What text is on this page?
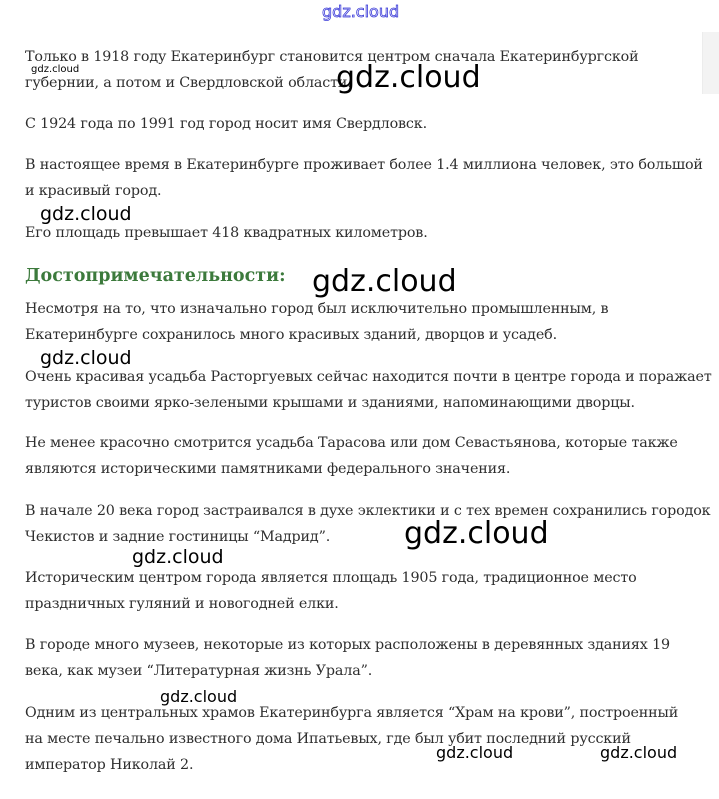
gdz.cloud

Только в 1918 году Екатеринбург становится центром сначала Екатеринбургской

губернии, а потом и Свердловской области.

С 1924 года по 1991 год город носит имя Свердловск.

В настоящее время в Екатеринбурге проживает более 1.4 миллиона человек, это большой

и красивый город.

Его площадь превышает 418 квадратных километров.

Достопримечательности:

Несмотря на то, что изначально город был исключительно промышленным, в

Екатеринбурге сохранилось много красивых зданий, дворцов и усадеб.

Очень красивая усадьба Расторгуевых сейчас находится почти в центре города и поражает

туристов своими ярко-зелеными крышами и зданиями, напоминающими дворцы.

Не менее красочно смотрится усадьба Тарасова или дом Севастьянова, которые также

являются историческими памятниками федерального значения.

В начале 20 века город застраивался в духе эклектики и с тех времен сохранились городок

Чекистов и задние гостиницы “Мадрид”.

Историческим центром города является площадь 1905 года, традиционное место

праздничных гуляний и новогодней елки.

В городе много музеев, некоторые из которых расположены в деревянных зданиях 19

века, как музеи “Литературная жизнь Урала”.

Одним из центральных храмов Екатеринбурга является “Храм на крови”, построенный

на месте печально известного дома Ипатьевых, где был убит последний русский

император Николай 2.

gdz.cloud	gdz.cloud
gdz.cloud
gdz.cloud
gdz.cloud
gdz.cloud
gdz.cloud
gdz.cloud
gdz.cloud	gdz.cloud
